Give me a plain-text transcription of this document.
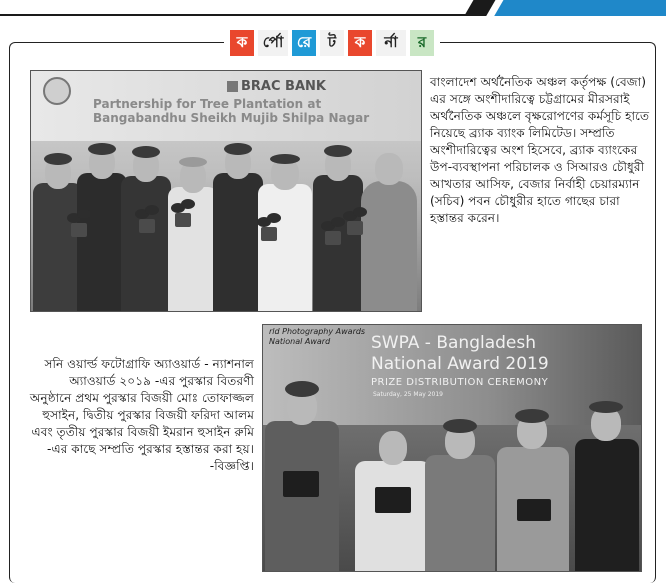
ক	র্পো রে	ট	ক	র্না	র
BRAC BANK
Partnership for Tree Plantation at
Bangabandhu Sheikh Mujib Shilpa Nagar
বাংলাদেশ অর্থনৈতিক অঞ্চল কর্তৃপক্ষ (বেজা) এর সঙ্গে অংশীদারিত্বে চট্টগ্রামের মীরসরাই অর্থনৈতিক অঞ্চলে বৃক্ষরোপণের কর্মসূচি হাতে নিয়েছে ব্র্যাক ব্যাংক লিমিটেড। সম্প্রতি অংশীদারিত্বের অংশ হিসেবে, ব্র্যাক ব্যাংকের উপ-ব্যবস্থাপনা পরিচালক ও সিআরও চৌধুরী আখতার আসিফ, বেজার নির্বাহী চেয়ারম্যান (সচিব) পবন চৌধুরীর হাতে গাছের চারা হস্তান্তর করেন।
rld Photography Awards
National Award	SWPA - Bangladesh
National Award 2019
PRIZE DISTRIBUTION CEREMONY
Saturday, 25 May 2019
সনি ওয়ার্ল্ড ফটোগ্রাফি অ্যাওয়ার্ড - ন্যাশনাল অ্যাওয়ার্ড ২০১৯ -এর পুরস্কার বিতরণী অনুষ্ঠানে প্রথম পুরস্কার বিজয়ী মোঃ তোফাজ্জল হুসাইন, দ্বিতীয় পুরস্কার বিজয়ী ফরিদা আলম এবং তৃতীয় পুরস্কার বিজয়ী ইমরান হুসাইন রুমি -এর কাছে সম্প্রতি পুরস্কার হস্তান্তর করা হয়। -বিজ্ঞপ্তি।
